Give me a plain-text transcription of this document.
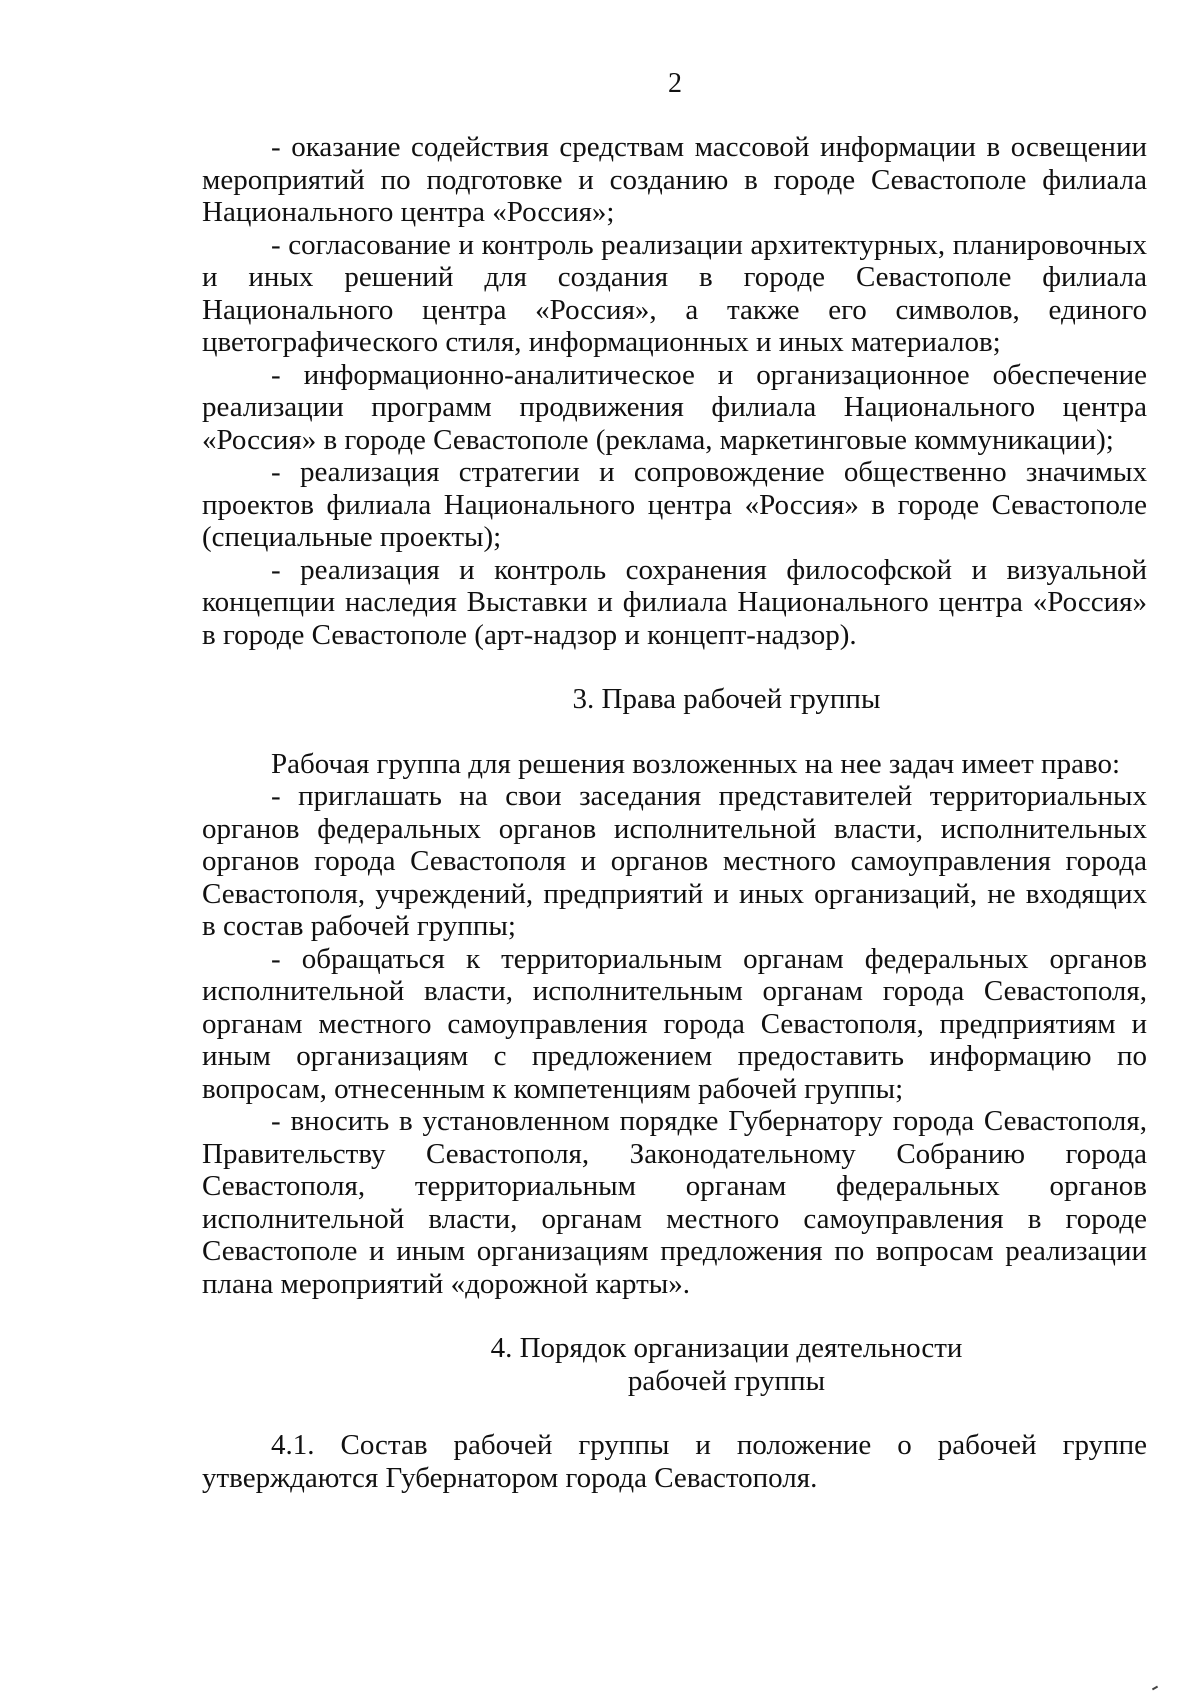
2

- оказание содействия средствам массовой информации в освещении мероприятий по подготовке и созданию в городе Севастополе филиала Национального центра «Россия»;

- согласование и контроль реализации архитектурных, планировочных и иных решений для создания в городе Севастополе филиала Национального центра «Россия», а также его символов, единого цветографического стиля, информационных и иных материалов;

- информационно-аналитическое и организационное обеспечение реализации программ продвижения филиала Национального центра «Россия» в городе Севастополе (реклама, маркетинговые коммуникации);

- реализация стратегии и сопровождение общественно значимых проектов филиала Национального центра «Россия» в городе Севастополе (специальные проекты);

- реализация и контроль сохранения философской и визуальной концепции наследия Выставки и филиала Национального центра «Россия» в городе Севастополе (арт-надзор и концепт-надзор).

3. Права рабочей группы

Рабочая группа для решения возложенных на нее задач имеет право:

- приглашать на свои заседания представителей территориальных органов федеральных органов исполнительной власти, исполнительных органов города Севастополя и органов местного самоуправления города Севастополя, учреждений, предприятий и иных организаций, не входящих в состав рабочей группы;

- обращаться к территориальным органам федеральных органов исполнительной власти, исполнительным органам города Севастополя, органам местного самоуправления города Севастополя, предприятиям и иным организациям с предложением предоставить информацию по вопросам, отнесенным к компетенциям рабочей группы;

- вносить в установленном порядке Губернатору города Севастополя, Правительству Севастополя, Законодательному Собранию города Севастополя, территориальным органам федеральных органов исполнительной власти, органам местного самоуправления в городе Севастополе и иным организациям предложения по вопросам реализации плана мероприятий «дорожной карты».

4. Порядок организации деятельности
рабочей группы

4.1. Состав рабочей группы и положение о рабочей группе утверждаются Губернатором города Севастополя.
